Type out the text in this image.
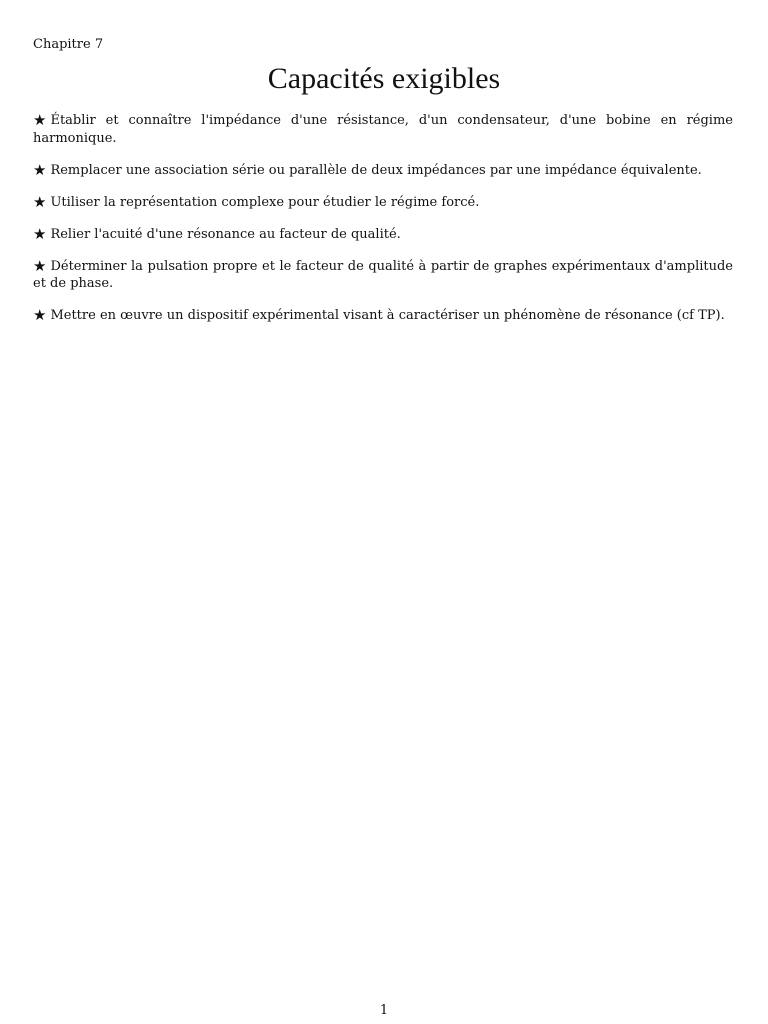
Chapitre 7
Capacités exigibles
★ Établir et connaître l'impédance d'une résistance, d'un condensateur, d'une bobine en régime harmonique.
★ Remplacer une association série ou parallèle de deux impédances par une impédance équivalente.
★ Utiliser la représentation complexe pour étudier le régime forcé.
★ Relier l'acuité d'une résonance au facteur de qualité.
★ Déterminer la pulsation propre et le facteur de qualité à partir de graphes expérimentaux d'amplitude et de phase.
★ Mettre en œuvre un dispositif expérimental visant à caractériser un phénomène de résonance (cf TP).
1
